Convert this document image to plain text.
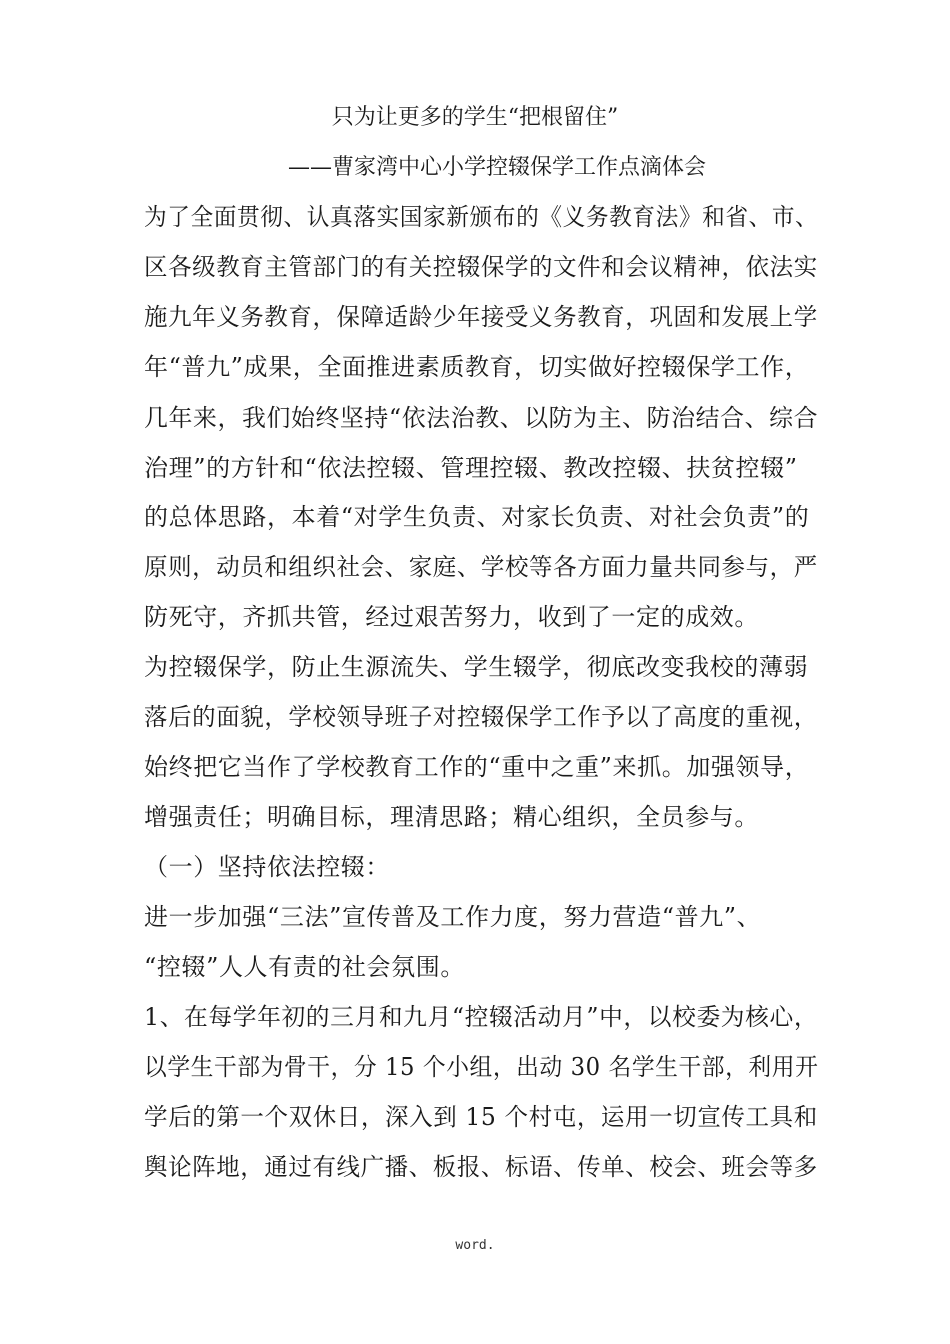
只为让更多的学生“把根留住”
——曹家湾中心小学控辍保学工作点滴体会
为了全面贯彻、认真落实国家新颁布的《义务教育法》和省、市、
区各级教育主管部门的有关控辍保学的文件和会议精神，依法实
施九年义务教育，保障适龄少年接受义务教育，巩固和发展上学
年“普九”成果，全面推进素质教育，切实做好控辍保学工作，
几年来，我们始终坚持“依法治教、以防为主、防治结合、综合
治理”的方针和“依法控辍、管理控辍、教改控辍、扶贫控辍”
的总体思路，本着“对学生负责、对家长负责、对社会负责”的
原则，动员和组织社会、家庭、学校等各方面力量共同参与，严
防死守，齐抓共管，经过艰苦努力，收到了一定的成效。
为控辍保学，防止生源流失、学生辍学，彻底改变我校的薄弱
落后的面貌，学校领导班子对控辍保学工作予以了高度的重视，
始终把它当作了学校教育工作的“重中之重”来抓。加强领导，
增强责任；明确目标，理清思路；精心组织，全员参与。
（一）坚持依法控辍：
进一步加强“三法”宣传普及工作力度，努力营造“普九”、
“控辍”人人有责的社会氛围。
1、在每学年初的三月和九月“控辍活动月”中，以校委为核心，
以学生干部为骨干，分 15 个小组，出动 30 名学生干部，利用开
学后的第一个双休日，深入到 15 个村屯，运用一切宣传工具和
舆论阵地，通过有线广播、板报、标语、传单、校会、班会等多
word.
